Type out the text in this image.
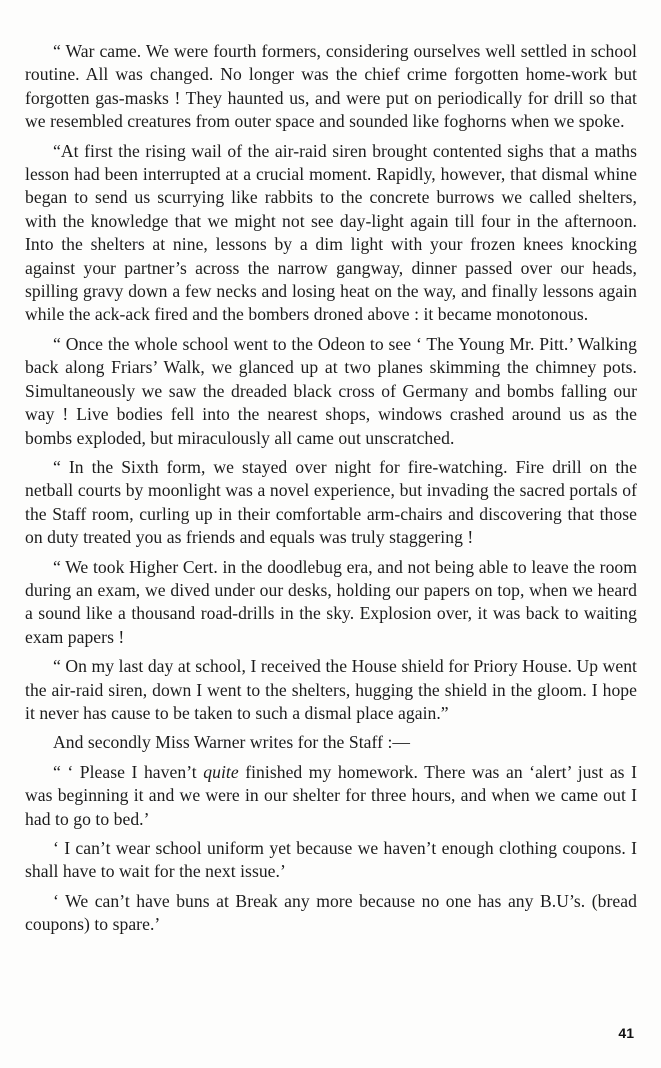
“ War came. We were fourth formers, considering ourselves well settled in school routine. All was changed. No longer was the chief crime forgotten home-work but forgotten gas-masks ! They haunted us, and were put on periodically for drill so that we resembled creatures from outer space and sounded like foghorns when we spoke.

“At first the rising wail of the air-raid siren brought contented sighs that a maths lesson had been interrupted at a crucial moment. Rapidly, however, that dismal whine began to send us scurrying like rabbits to the concrete burrows we called shelters, with the knowledge that we might not see day-light again till four in the afternoon. Into the shelters at nine, lessons by a dim light with your frozen knees knocking against your partner’s across the narrow gangway, dinner passed over our heads, spilling gravy down a few necks and losing heat on the way, and finally lessons again while the ack-ack fired and the bombers droned above : it became monotonous.

“ Once the whole school went to the Odeon to see ‘ The Young Mr. Pitt.’ Walking back along Friars’ Walk, we glanced up at two planes skimming the chimney pots. Simultaneously we saw the dreaded black cross of Germany and bombs falling our way ! Live bodies fell into the nearest shops, windows crashed around us as the bombs exploded, but miraculously all came out unscratched.

“ In the Sixth form, we stayed over night for fire-watching. Fire drill on the netball courts by moonlight was a novel experience, but invading the sacred portals of the Staff room, curling up in their comfortable arm-chairs and discovering that those on duty treated you as friends and equals was truly staggering !

“ We took Higher Cert. in the doodlebug era, and not being able to leave the room during an exam, we dived under our desks, holding our papers on top, when we heard a sound like a thousand road-drills in the sky. Explosion over, it was back to waiting exam papers !

“ On my last day at school, I received the House shield for Priory House. Up went the air-raid siren, down I went to the shelters, hugging the shield in the gloom. I hope it never has cause to be taken to such a dismal place again.”

And secondly Miss Warner writes for the Staff :—

“ ‘ Please I haven’t quite finished my homework. There was an ‘alert’ just as I was beginning it and we were in our shelter for three hours, and when we came out I had to go to bed.’

‘ I can’t wear school uniform yet because we haven’t enough clothing coupons. I shall have to wait for the next issue.’

‘ We can’t have buns at Break any more because no one has any B.U’s. (bread coupons) to spare.’

41
